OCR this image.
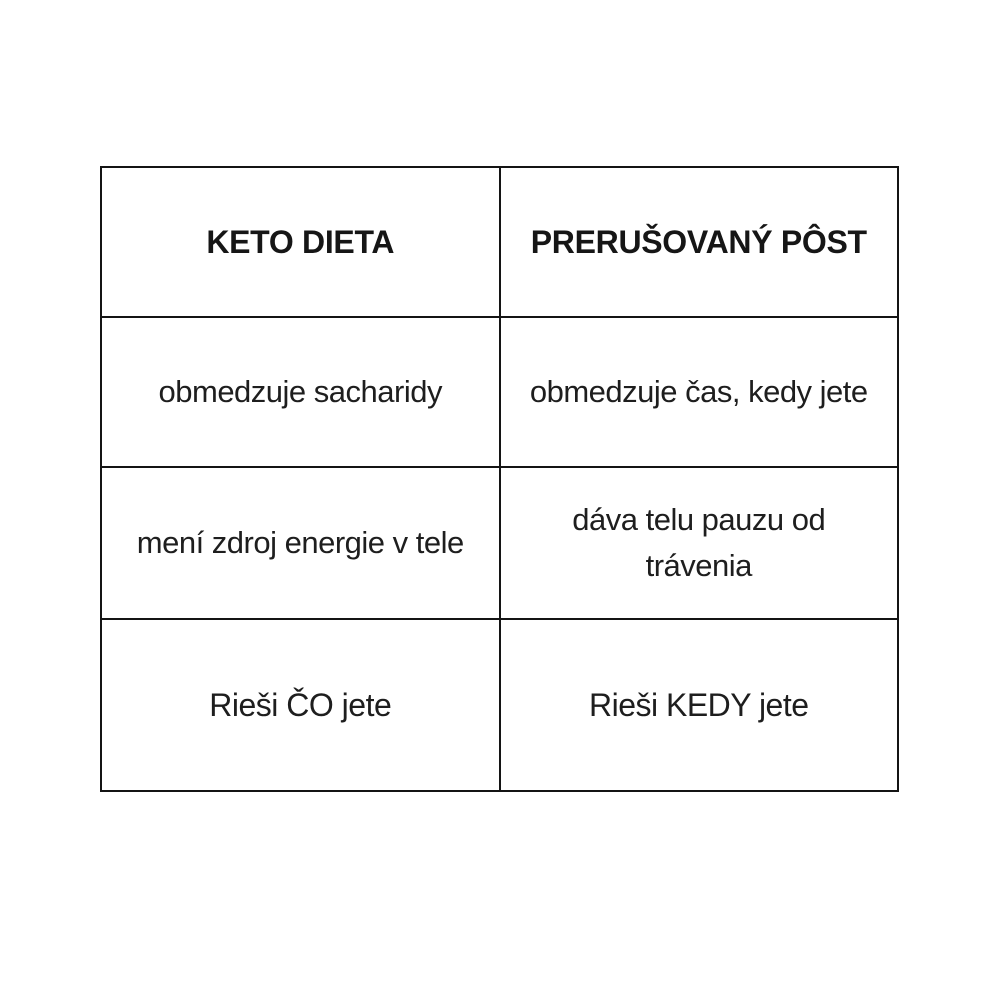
KETO DIETA	PRERUŠOVANÝ PÔST
obmedzuje sacharidy	obmedzuje čas, kedy jete
mení zdroj energie v tele	dáva telu pauzu od trávenia
Rieši ČO jete	Rieši KEDY jete
